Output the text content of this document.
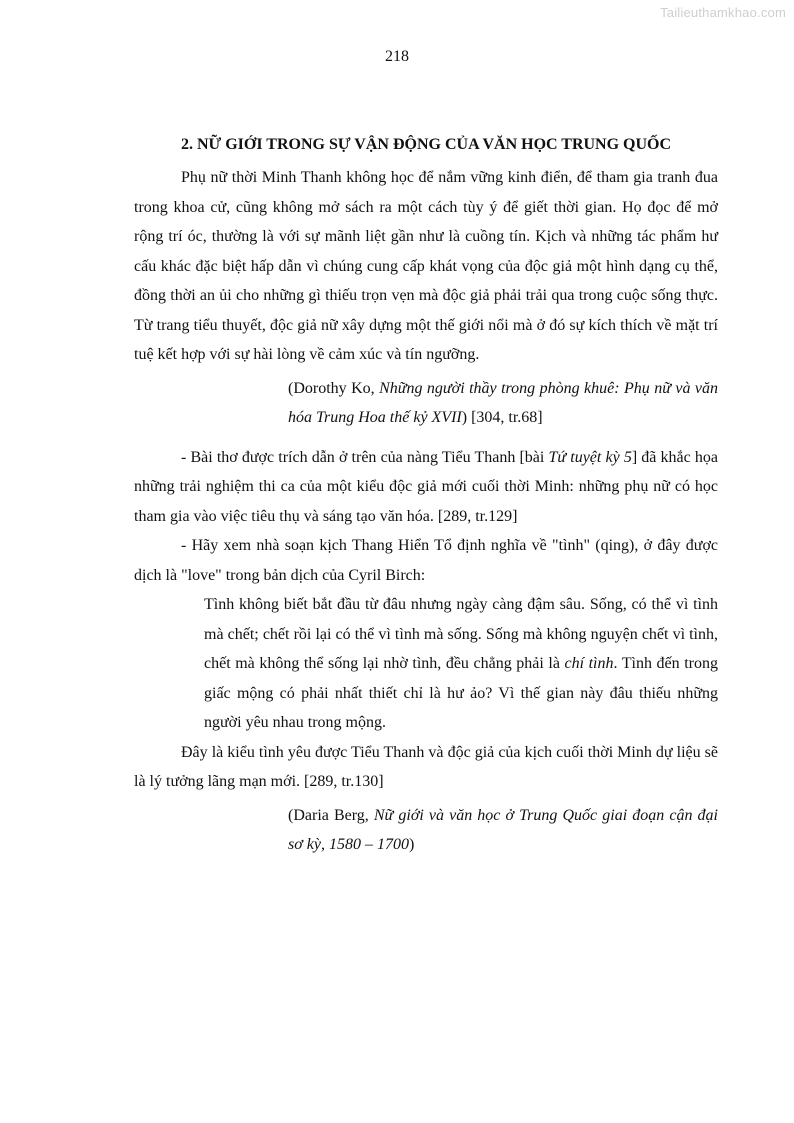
Tailieuthamkhao.com
218
2. NỮ GIỚI TRONG SỰ VẬN ĐỘNG CỦA VĂN HỌC TRUNG QUỐC

Phụ nữ thời Minh Thanh không học để nắm vững kinh điển, để tham gia tranh đua trong khoa cử, cũng không mở sách ra một cách tùy ý để giết thời gian. Họ đọc để mở rộng trí óc, thường là với sự mãnh liệt gần như là cuồng tín. Kịch và những tác phẩm hư cấu khác đặc biệt hấp dẫn vì chúng cung cấp khát vọng của độc giả một hình dạng cụ thể, đồng thời an ủi cho những gì thiếu trọn vẹn mà độc giả phải trải qua trong cuộc sống thực. Từ trang tiểu thuyết, độc giả nữ xây dựng một thế giới nổi mà ở đó sự kích thích về mặt trí tuệ kết hợp với sự hài lòng về cảm xúc và tín ngưỡng.

(Dorothy Ko, Những người thầy trong phòng khuê: Phụ nữ và văn hóa Trung Hoa thế kỷ XVII) [304, tr.68]

- Bài thơ được trích dẫn ở trên của nàng Tiểu Thanh [bài Tứ tuyệt kỳ 5] đã khắc họa những trải nghiệm thi ca của một kiểu độc giả mới cuối thời Minh: những phụ nữ có học tham gia vào việc tiêu thụ và sáng tạo văn hóa. [289, tr.129]

- Hãy xem nhà soạn kịch Thang Hiển Tổ định nghĩa về "tình" (qing), ở đây được dịch là "love" trong bản dịch của Cyril Birch:

Tình không biết bắt đầu từ đâu nhưng ngày càng đậm sâu. Sống, có thể vì tình mà chết; chết rồi lại có thể vì tình mà sống. Sống mà không nguyện chết vì tình, chết mà không thể sống lại nhờ tình, đều chẳng phải là chí tình. Tình đến trong giấc mộng có phải nhất thiết chỉ là hư ảo? Vì thế gian này đâu thiếu những người yêu nhau trong mộng.

Đây là kiểu tình yêu được Tiểu Thanh và độc giả của kịch cuối thời Minh dự liệu sẽ là lý tưởng lãng mạn mới. [289, tr.130]

(Daria Berg, Nữ giới và văn học ở Trung Quốc giai đoạn cận đại sơ kỳ, 1580 – 1700)
